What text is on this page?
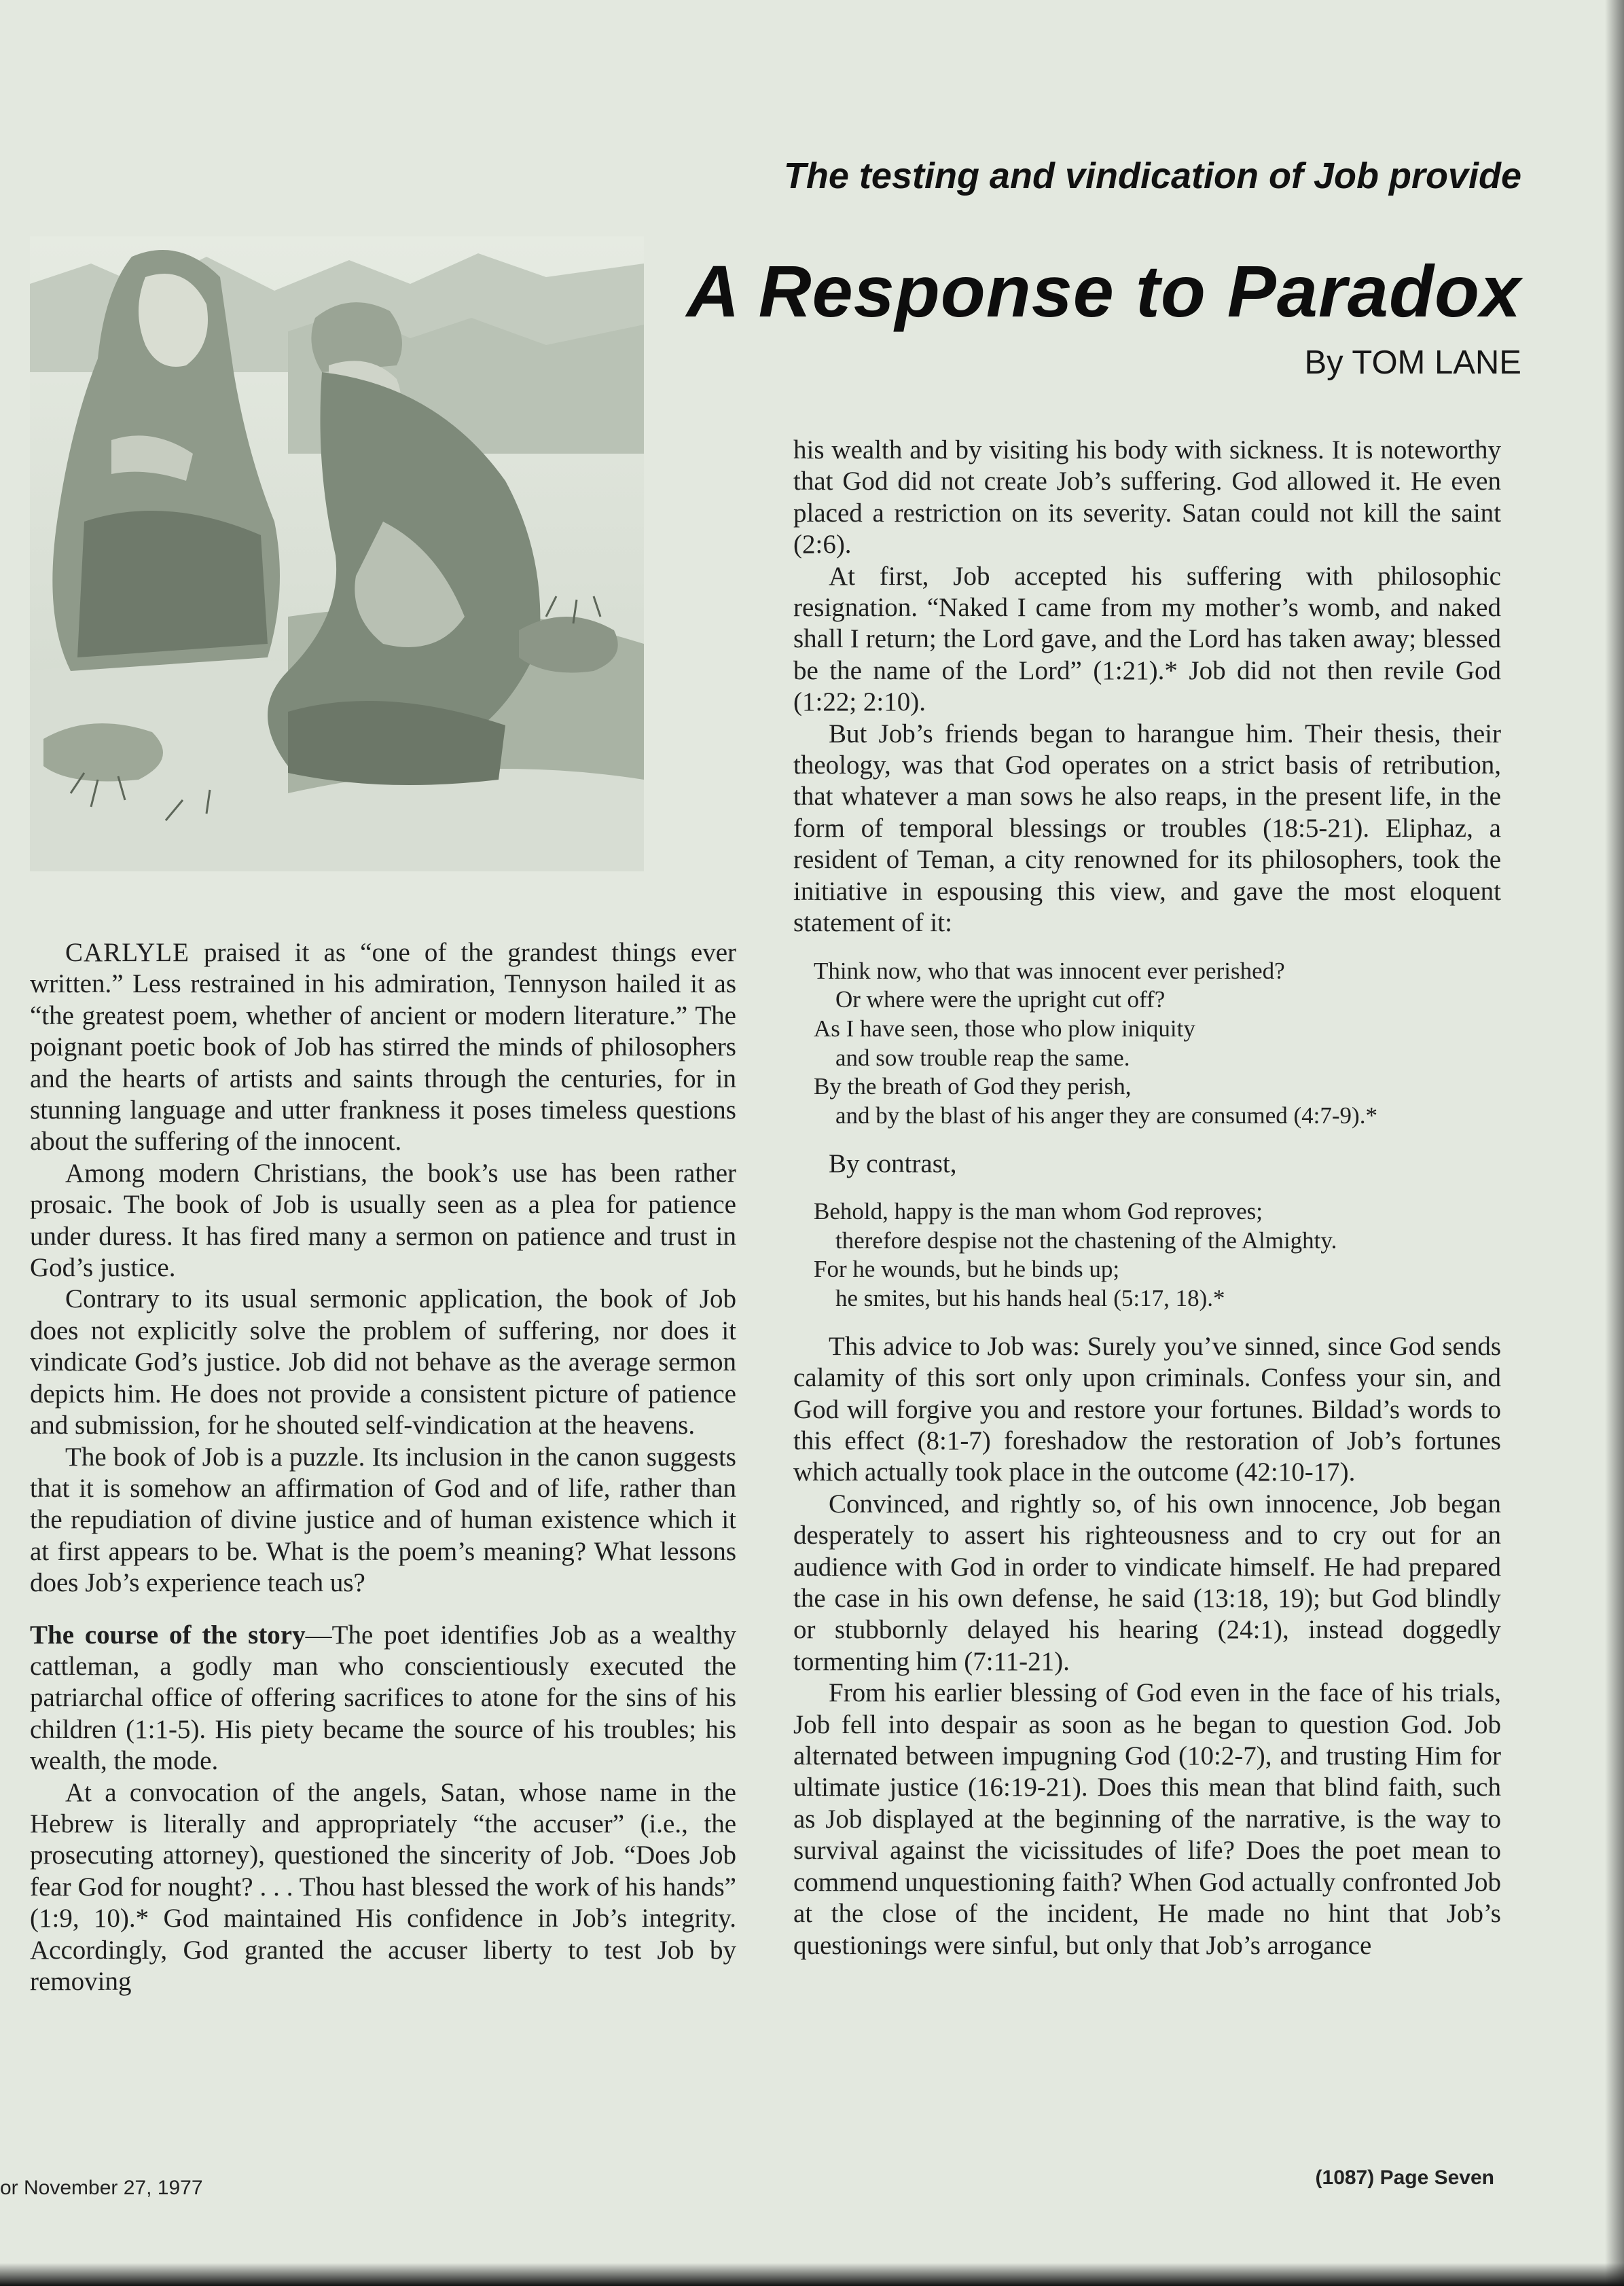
The testing and vindication of Job provide
A Response to Paradox
By TOM LANE

CARLYLE praised it as “one of the grandest things ever written.” Less restrained in his admiration, Tennyson hailed it as “the greatest poem, whether of ancient or modern literature.” The poignant poetic book of Job has stirred the minds of philosophers and the hearts of artists and saints through the centuries, for in stunning language and utter frankness it poses timeless questions about the suffering of the innocent.

Among modern Christians, the book’s use has been rather prosaic. The book of Job is usually seen as a plea for patience under duress. It has fired many a sermon on patience and trust in God’s justice.

Contrary to its usual sermonic application, the book of Job does not explicitly solve the problem of suffering, nor does it vindicate God’s justice. Job did not behave as the average sermon depicts him. He does not provide a consistent picture of patience and submission, for he shouted self-vindication at the heavens.

The book of Job is a puzzle. Its inclusion in the canon suggests that it is somehow an affirmation of God and of life, rather than the repudiation of divine justice and of human existence which it at first appears to be. What is the poem’s meaning? What lessons does Job’s experience teach us?

The course of the story—The poet identifies Job as a wealthy cattleman, a godly man who conscientiously executed the patriarchal office of offering sacrifices to atone for the sins of his children (1:1-5). His piety became the source of his troubles; his wealth, the mode.

At a convocation of the angels, Satan, whose name in the Hebrew is literally and appropriately “the accuser” (i.e., the prosecuting attorney), questioned the sincerity of Job. “Does Job fear God for nought? . . . Thou hast blessed the work of his hands” (1:9, 10).* God maintained His confidence in Job’s integrity. Accordingly, God granted the accuser liberty to test Job by removing

his wealth and by visiting his body with sickness. It is noteworthy that God did not create Job’s suffering. God allowed it. He even placed a restriction on its severity. Satan could not kill the saint (2:6).

At first, Job accepted his suffering with philosophic resignation. “Naked I came from my mother’s womb, and naked shall I return; the Lord gave, and the Lord has taken away; blessed be the name of the Lord” (1:21).* Job did not then revile God (1:22; 2:10).

But Job’s friends began to harangue him. Their thesis, their theology, was that God operates on a strict basis of retribution, that whatever a man sows he also reaps, in the present life, in the form of temporal blessings or troubles (18:5-21). Eliphaz, a resident of Teman, a city renowned for its philosophers, took the initiative in espousing this view, and gave the most eloquent statement of it:

Think now, who that was innocent ever perished?
Or where were the upright cut off?
As I have seen, those who plow iniquity
and sow trouble reap the same.
By the breath of God they perish,
and by the blast of his anger they are consumed (4:7-9).*

By contrast,

Behold, happy is the man whom God reproves;
therefore despise not the chastening of the Almighty.
For he wounds, but he binds up;
he smites, but his hands heal (5:17, 18).*

This advice to Job was: Surely you’ve sinned, since God sends calamity of this sort only upon criminals. Confess your sin, and God will forgive you and restore your fortunes. Bildad’s words to this effect (8:1-7) foreshadow the restoration of Job’s fortunes which actually took place in the outcome (42:10-17).

Convinced, and rightly so, of his own innocence, Job began desperately to assert his righteousness and to cry out for an audience with God in order to vindicate himself. He had prepared the case in his own defense, he said (13:18, 19); but God blindly or stubbornly delayed his hearing (24:1), instead doggedly tormenting him (7:11-21).

From his earlier blessing of God even in the face of his trials, Job fell into despair as soon as he began to question God. Job alternated between impugning God (10:2-7), and trusting Him for ultimate justice (16:19-21). Does this mean that blind faith, such as Job displayed at the beginning of the narrative, is the way to survival against the vicissitudes of life? Does the poet mean to commend unquestioning faith? When God actually confronted Job at the close of the incident, He made no hint that Job’s questionings were sinful, but only that Job’s arrogance

or November 27, 1977	(1087) Page Seven
